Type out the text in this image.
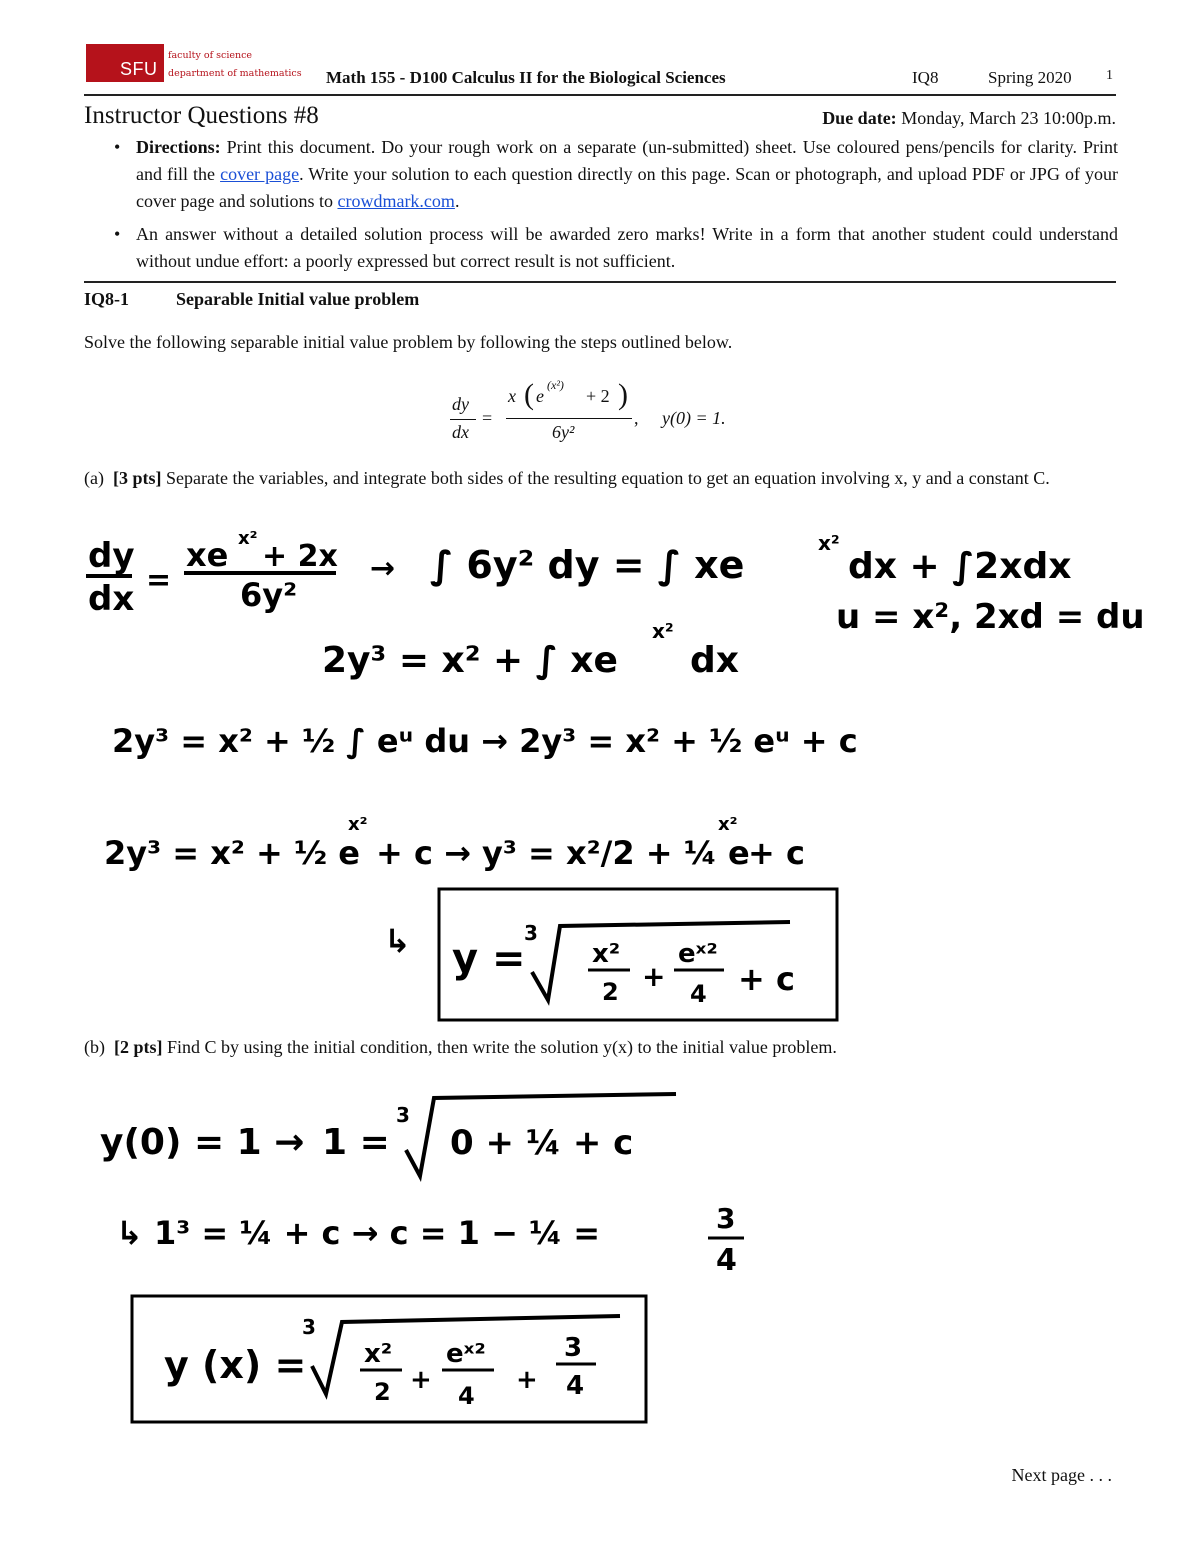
SFU
faculty of science
department of mathematics Math 155 - D100 Calculus II for the Biological Sciences	IQ8	Spring 2020 1
Instructor Questions #8	Due date: Monday, March 23 10:00p.m.
• Directions: Print this document. Do your rough work on a separate (un-submitted) sheet. Use coloured pens/pencils for clarity. Print and fill the cover page. Write your solution to each question directly on this page. Scan or photograph, and upload PDF or JPG of your cover page and solutions to crowdmark.com.
• An answer without a detailed solution process will be awarded zero marks! Write in a form that another student could understand without undue effort: a poorly expressed but correct result is not sufficient.
IQ8-1	Separable Initial value problem
Solve the following separable initial value problem by following the steps outlined below.
dy
dx
=
x ( e
(x²)
+ 2 )
6y²
, y(0) = 1.
(a) [3 pts] Separate the variables, and integrate both sides of the resulting equation to get an equation involving x, y and a constant C.
dy
dx =
xe x²
+ 2x
6y²
→ ∫ 6y² dy = ∫ xe	x²
dx + ∫2xdx
u = x², 2xd = du
2y³ = x² + ∫ xe
x²
dx
2y³ = x² + ½ ∫ eᵘ du → 2y³ = x² + ½ eᵘ + c
2y³ = x² + ½ e
x²
+ c → y³ = x²/2 + ¼ e
x²
+ c
↳ y =
3
x²
2 +
eˣ²
4 + c
y(0) = 1 → 1 =
3
0 + ¼ + c
↳ 1³ = ¼ + c → c = 1 − ¼ =	3
4
y (x) =
3
x²
2 +
eˣ²
4
+
3
4
(b) [2 pts] Find C by using the initial condition, then write the solution y(x) to the initial value problem.
Next page . . .
